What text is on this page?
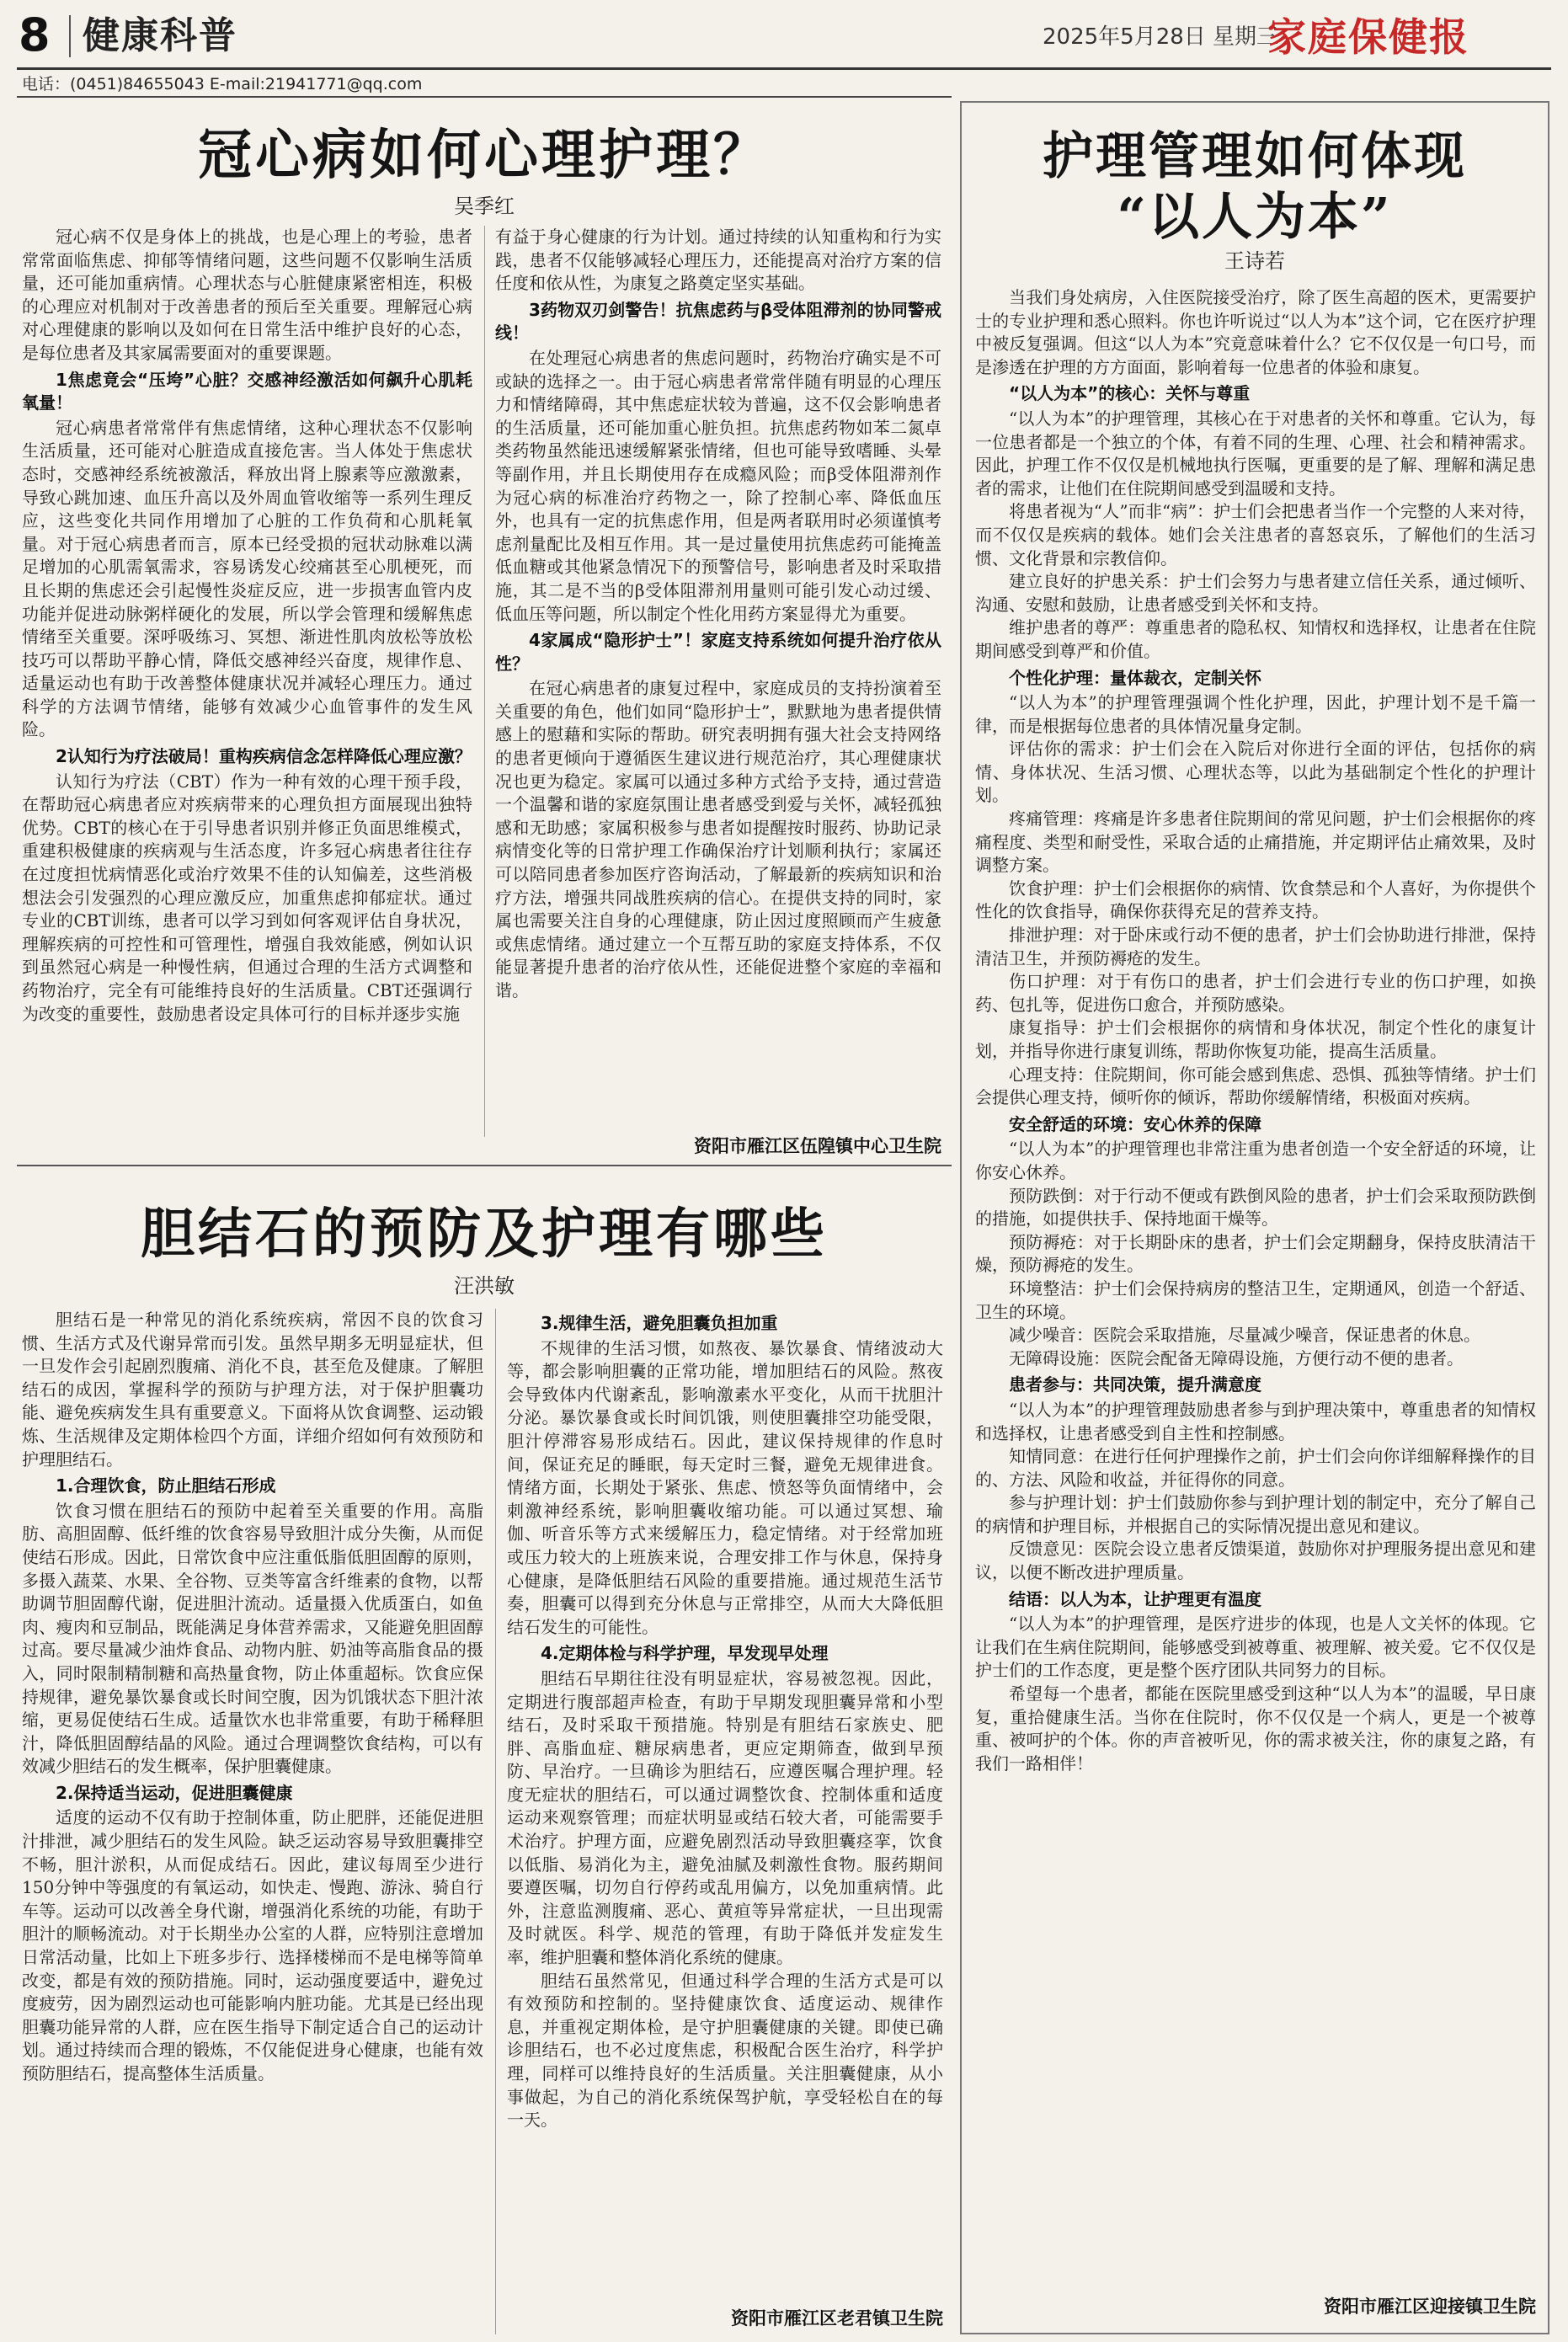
8 健康科普	2025年5月28日 星期三
家庭保健报
电话：(0451)84655043 E-mail:21941771@qq.com
冠心病如何心理护理？
吴季红

冠心病不仅是身体上的挑战，也是心理上的考验，患者常常面临焦虑、抑郁等情绪问题，这些问题不仅影响生活质量，还可能加重病情。心理状态与心脏健康紧密相连，积极的心理应对机制对于改善患者的预后至关重要。理解冠心病对心理健康的影响以及如何在日常生活中维护良好的心态，是每位患者及其家属需要面对的重要课题。

1焦虑竟会“压垮”心脏？交感神经激活如何飙升心肌耗氧量！

冠心病患者常常伴有焦虑情绪，这种心理状态不仅影响生活质量，还可能对心脏造成直接危害。当人体处于焦虑状态时，交感神经系统被激活，释放出肾上腺素等应激激素，导致心跳加速、血压升高以及外周血管收缩等一系列生理反应，这些变化共同作用增加了心脏的工作负荷和心肌耗氧量。对于冠心病患者而言，原本已经受损的冠状动脉难以满足增加的心肌需氧需求，容易诱发心绞痛甚至心肌梗死，而且长期的焦虑还会引起慢性炎症反应，进一步损害血管内皮功能并促进动脉粥样硬化的发展，所以学会管理和缓解焦虑情绪至关重要。深呼吸练习、冥想、渐进性肌肉放松等放松技巧可以帮助平静心情，降低交感神经兴奋度，规律作息、适量运动也有助于改善整体健康状况并减轻心理压力。通过科学的方法调节情绪，能够有效减少心血管事件的发生风险。

2认知行为疗法破局！重构疾病信念怎样降低心理应激？

认知行为疗法（CBT）作为一种有效的心理干预手段，在帮助冠心病患者应对疾病带来的心理负担方面展现出独特优势。CBT的核心在于引导患者识别并修正负面思维模式，重建积极健康的疾病观与生活态度，许多冠心病患者往往存在过度担忧病情恶化或治疗效果不佳的认知偏差，这些消极想法会引发强烈的心理应激反应，加重焦虑抑郁症状。通过专业的CBT训练，患者可以学习到如何客观评估自身状况，理解疾病的可控性和可管理性，增强自我效能感，例如认识到虽然冠心病是一种慢性病，但通过合理的生活方式调整和药物治疗，完全有可能维持良好的生活质量。CBT还强调行为改变的重要性，鼓励患者设定具体可行的目标并逐步实施

有益于身心健康的行为计划。通过持续的认知重构和行为实践，患者不仅能够减轻心理压力，还能提高对治疗方案的信任度和依从性，为康复之路奠定坚实基础。

3药物双刃剑警告！抗焦虑药与β受体阻滞剂的协同警戒线！

在处理冠心病患者的焦虑问题时，药物治疗确实是不可或缺的选择之一。由于冠心病患者常常伴随有明显的心理压力和情绪障碍，其中焦虑症状较为普遍，这不仅会影响患者的生活质量，还可能加重心脏负担。抗焦虑药物如苯二氮卓类药物虽然能迅速缓解紧张情绪，但也可能导致嗜睡、头晕等副作用，并且长期使用存在成瘾风险；而β受体阻滞剂作为冠心病的标准治疗药物之一，除了控制心率、降低血压外，也具有一定的抗焦虑作用，但是两者联用时必须谨慎考虑剂量配比及相互作用。其一是过量使用抗焦虑药可能掩盖低血糖或其他紧急情况下的预警信号，影响患者及时采取措施，其二是不当的β受体阻滞剂用量则可能引发心动过缓、低血压等问题，所以制定个性化用药方案显得尤为重要。

4家属成“隐形护士”！家庭支持系统如何提升治疗依从性？

在冠心病患者的康复过程中，家庭成员的支持扮演着至关重要的角色，他们如同“隐形护士”，默默地为患者提供情感上的慰藉和实际的帮助。研究表明拥有强大社会支持网络的患者更倾向于遵循医生建议进行规范治疗，其心理健康状况也更为稳定。家属可以通过多种方式给予支持，通过营造一个温馨和谐的家庭氛围让患者感受到爱与关怀，减轻孤独感和无助感；家属积极参与患者如提醒按时服药、协助记录病情变化等的日常护理工作确保治疗计划顺利执行；家属还可以陪同患者参加医疗咨询活动，了解最新的疾病知识和治疗方法，增强共同战胜疾病的信心。在提供支持的同时，家属也需要关注自身的心理健康，防止因过度照顾而产生疲惫或焦虑情绪。通过建立一个互帮互助的家庭支持体系，不仅能显著提升患者的治疗依从性，还能促进整个家庭的幸福和谐。

资阳市雁江区伍隍镇中心卫生院
胆结石的预防及护理有哪些
汪洪敏

胆结石是一种常见的消化系统疾病，常因不良的饮食习惯、生活方式及代谢异常而引发。虽然早期多无明显症状，但一旦发作会引起剧烈腹痛、消化不良，甚至危及健康。了解胆结石的成因，掌握科学的预防与护理方法，对于保护胆囊功能、避免疾病发生具有重要意义。下面将从饮食调整、运动锻炼、生活规律及定期体检四个方面，详细介绍如何有效预防和护理胆结石。

1.合理饮食，防止胆结石形成

饮食习惯在胆结石的预防中起着至关重要的作用。高脂肪、高胆固醇、低纤维的饮食容易导致胆汁成分失衡，从而促使结石形成。因此，日常饮食中应注重低脂低胆固醇的原则，多摄入蔬菜、水果、全谷物、豆类等富含纤维素的食物，以帮助调节胆固醇代谢，促进胆汁流动。适量摄入优质蛋白，如鱼肉、瘦肉和豆制品，既能满足身体营养需求，又能避免胆固醇过高。要尽量减少油炸食品、动物内脏、奶油等高脂食品的摄入，同时限制精制糖和高热量食物，防止体重超标。饮食应保持规律，避免暴饮暴食或长时间空腹，因为饥饿状态下胆汁浓缩，更易促使结石生成。适量饮水也非常重要，有助于稀释胆汁，降低胆固醇结晶的风险。通过合理调整饮食结构，可以有效减少胆结石的发生概率，保护胆囊健康。

2.保持适当运动，促进胆囊健康

适度的运动不仅有助于控制体重，防止肥胖，还能促进胆汁排泄，减少胆结石的发生风险。缺乏运动容易导致胆囊排空不畅，胆汁淤积，从而促成结石。因此，建议每周至少进行150分钟中等强度的有氧运动，如快走、慢跑、游泳、骑自行车等。运动可以改善全身代谢，增强消化系统的功能，有助于胆汁的顺畅流动。对于长期坐办公室的人群，应特别注意增加日常活动量，比如上下班多步行、选择楼梯而不是电梯等简单改变，都是有效的预防措施。同时，运动强度要适中，避免过度疲劳，因为剧烈运动也可能影响内脏功能。尤其是已经出现胆囊功能异常的人群，应在医生指导下制定适合自己的运动计划。通过持续而合理的锻炼，不仅能促进身心健康，也能有效预防胆结石，提高整体生活质量。

3.规律生活，避免胆囊负担加重

不规律的生活习惯，如熬夜、暴饮暴食、情绪波动大等，都会影响胆囊的正常功能，增加胆结石的风险。熬夜会导致体内代谢紊乱，影响激素水平变化，从而干扰胆汁分泌。暴饮暴食或长时间饥饿，则使胆囊排空功能受限，胆汁停滞容易形成结石。因此，建议保持规律的作息时间，保证充足的睡眠，每天定时三餐，避免无规律进食。情绪方面，长期处于紧张、焦虑、愤怒等负面情绪中，会刺激神经系统，影响胆囊收缩功能。可以通过冥想、瑜伽、听音乐等方式来缓解压力，稳定情绪。对于经常加班或压力较大的上班族来说，合理安排工作与休息，保持身心健康，是降低胆结石风险的重要措施。通过规范生活节奏，胆囊可以得到充分休息与正常排空，从而大大降低胆结石发生的可能性。

4.定期体检与科学护理，早发现早处理

胆结石早期往往没有明显症状，容易被忽视。因此，定期进行腹部超声检查，有助于早期发现胆囊异常和小型结石，及时采取干预措施。特别是有胆结石家族史、肥胖、高脂血症、糖尿病患者，更应定期筛查，做到早预防、早治疗。一旦确诊为胆结石，应遵医嘱合理护理。轻度无症状的胆结石，可以通过调整饮食、控制体重和适度运动来观察管理；而症状明显或结石较大者，可能需要手术治疗。护理方面，应避免剧烈活动导致胆囊痉挛，饮食以低脂、易消化为主，避免油腻及刺激性食物。服药期间要遵医嘱，切勿自行停药或乱用偏方，以免加重病情。此外，注意监测腹痛、恶心、黄疸等异常症状，一旦出现需及时就医。科学、规范的管理，有助于降低并发症发生率，维护胆囊和整体消化系统的健康。

胆结石虽然常见，但通过科学合理的生活方式是可以有效预防和控制的。坚持健康饮食、适度运动、规律作息，并重视定期体检，是守护胆囊健康的关键。即使已确诊胆结石，也不必过度焦虑，积极配合医生治疗，科学护理，同样可以维持良好的生活质量。关注胆囊健康，从小事做起，为自己的消化系统保驾护航，享受轻松自在的每一天。

资阳市雁江区老君镇卫生院
护理管理如何体现
“以人为本”
王诗若

当我们身处病房，入住医院接受治疗，除了医生高超的医术，更需要护士的专业护理和悉心照料。你也许听说过“以人为本”这个词，它在医疗护理中被反复强调。但这“以人为本”究竟意味着什么？它不仅仅是一句口号，而是渗透在护理的方方面面，影响着每一位患者的体验和康复。

“以人为本”的核心：关怀与尊重

“以人为本”的护理管理，其核心在于对患者的关怀和尊重。它认为，每一位患者都是一个独立的个体，有着不同的生理、心理、社会和精神需求。因此，护理工作不仅仅是机械地执行医嘱，更重要的是了解、理解和满足患者的需求，让他们在住院期间感受到温暖和支持。

将患者视为“人”而非“病”：护士们会把患者当作一个完整的人来对待，而不仅仅是疾病的载体。她们会关注患者的喜怒哀乐，了解他们的生活习惯、文化背景和宗教信仰。

建立良好的护患关系：护士们会努力与患者建立信任关系，通过倾听、沟通、安慰和鼓励，让患者感受到关怀和支持。

维护患者的尊严：尊重患者的隐私权、知情权和选择权，让患者在住院期间感受到尊严和价值。

个性化护理：量体裁衣，定制关怀

“以人为本”的护理管理强调个性化护理，因此，护理计划不是千篇一律，而是根据每位患者的具体情况量身定制。

评估你的需求：护士们会在入院后对你进行全面的评估，包括你的病情、身体状况、生活习惯、心理状态等，以此为基础制定个性化的护理计划。

疼痛管理：疼痛是许多患者住院期间的常见问题，护士们会根据你的疼痛程度、类型和耐受性，采取合适的止痛措施，并定期评估止痛效果，及时调整方案。

饮食护理：护士们会根据你的病情、饮食禁忌和个人喜好，为你提供个性化的饮食指导，确保你获得充足的营养支持。

排泄护理：对于卧床或行动不便的患者，护士们会协助进行排泄，保持清洁卫生，并预防褥疮的发生。

伤口护理：对于有伤口的患者，护士们会进行专业的伤口护理，如换药、包扎等，促进伤口愈合，并预防感染。

康复指导：护士们会根据你的病情和身体状况，制定个性化的康复计划，并指导你进行康复训练，帮助你恢复功能，提高生活质量。

心理支持：住院期间，你可能会感到焦虑、恐惧、孤独等情绪。护士们会提供心理支持，倾听你的倾诉，帮助你缓解情绪，积极面对疾病。

安全舒适的环境：安心休养的保障

“以人为本”的护理管理也非常注重为患者创造一个安全舒适的环境，让你安心休养。

预防跌倒：对于行动不便或有跌倒风险的患者，护士们会采取预防跌倒的措施，如提供扶手、保持地面干燥等。

预防褥疮：对于长期卧床的患者，护士们会定期翻身，保持皮肤清洁干燥，预防褥疮的发生。

环境整洁：护士们会保持病房的整洁卫生，定期通风，创造一个舒适、卫生的环境。

减少噪音：医院会采取措施，尽量减少噪音，保证患者的休息。

无障碍设施：医院会配备无障碍设施，方便行动不便的患者。

患者参与：共同决策，提升满意度

“以人为本”的护理管理鼓励患者参与到护理决策中，尊重患者的知情权和选择权，让患者感受到自主性和控制感。

知情同意：在进行任何护理操作之前，护士们会向你详细解释操作的目的、方法、风险和收益，并征得你的同意。

参与护理计划：护士们鼓励你参与到护理计划的制定中，充分了解自己的病情和护理目标，并根据自己的实际情况提出意见和建议。

反馈意见：医院会设立患者反馈渠道，鼓励你对护理服务提出意见和建议，以便不断改进护理质量。

结语：以人为本，让护理更有温度

“以人为本”的护理管理，是医疗进步的体现，也是人文关怀的体现。它让我们在生病住院期间，能够感受到被尊重、被理解、被关爱。它不仅仅是护士们的工作态度，更是整个医疗团队共同努力的目标。

希望每一个患者，都能在医院里感受到这种“以人为本”的温暖，早日康复，重拾健康生活。当你在住院时，你不仅仅是一个病人，更是一个被尊重、被呵护的个体。你的声音被听见，你的需求被关注，你的康复之路，有我们一路相伴！

资阳市雁江区迎接镇卫生院
